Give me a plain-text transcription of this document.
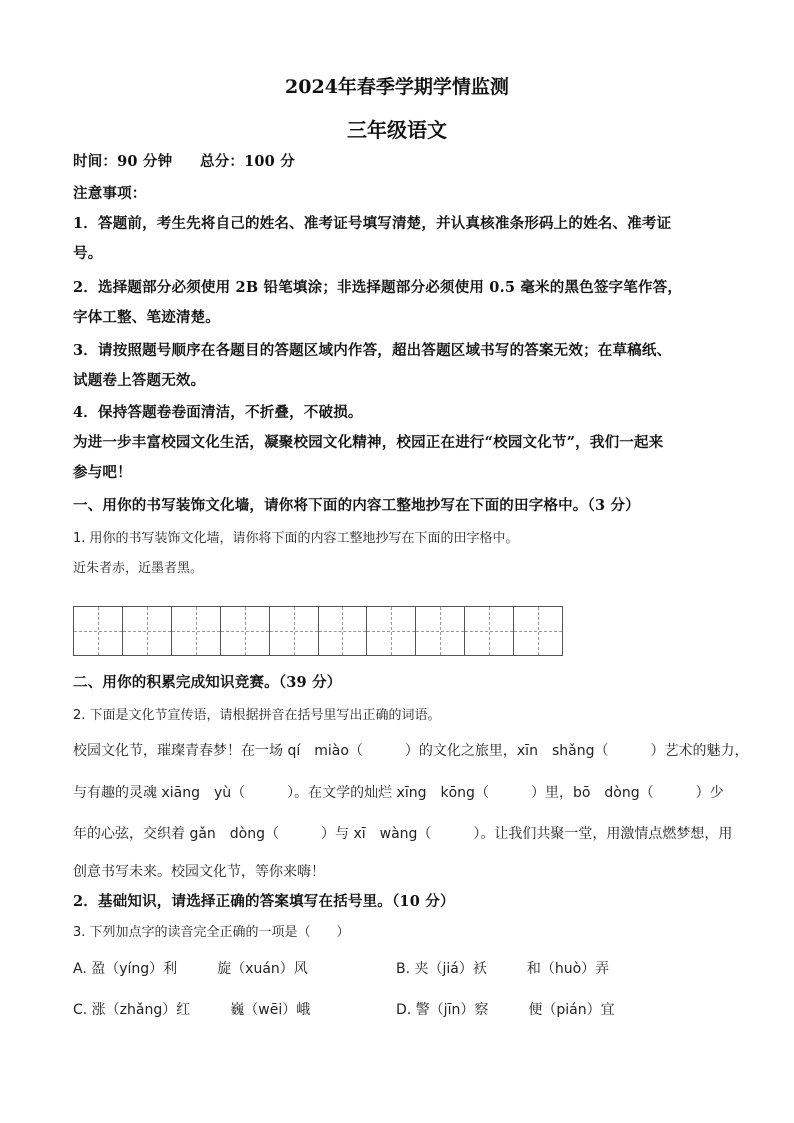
2024年春季学期学情监测
三年级语文
时间：90 分钟 总分：100 分
注意事项：
1．答题前，考生先将自己的姓名、准考证号填写清楚，并认真核准条形码上的姓名、准考证
号。
2．选择题部分必须使用 2B 铅笔填涂；非选择题部分必须使用 0.5 毫米的黑色签字笔作答，
字体工整、笔迹清楚。
3．请按照题号顺序在各题目的答题区域内作答，超出答题区域书写的答案无效；在草稿纸、
试题卷上答题无效。
4．保持答题卷卷面清洁，不折叠，不破损。
为进一步丰富校园文化生活，凝聚校园文化精神，校园正在进行“校园文化节”，我们一起来
参与吧！
一、用你的书写装饰文化墙，请你将下面的内容工整地抄写在下面的田字格中。（3 分）
1. 用你的书写装饰文化墙，请你将下面的内容工整地抄写在下面的田字格中。
近朱者赤，近墨者黑。
二、用你的积累完成知识竞赛。（39 分）
2. 下面是文化节宣传语，请根据拼音在括号里写出正确的词语。
校园文化节，璀璨青春梦！在一场 qí　miào（　　　）的文化之旅里，xīn　shǎng（　　　）艺术的魅力，
与有趣的灵魂 xiāng　yù（　　　）。在文学的灿烂 xīng　kōng（　　　）里，bō　dòng（　　　）少
年的心弦，交织着 gǎn　dòng（　　　）与 xī　wàng（　　　）。让我们共聚一堂，用激情点燃梦想，用
创意书写未来。校园文化节，等你来嗨！
2．基础知识，请选择正确的答案填写在括号里。（10 分）
3. 下列加点字的读音完全正确的一项是（　　）
A. 盈（yíng）利	旋（xuán）风	B. 夹（jiá）袄	和（huò）弄
C. 涨（zhǎng）红	巍（wēi）峨	D. 警（jīn）察	便（pián）宜
